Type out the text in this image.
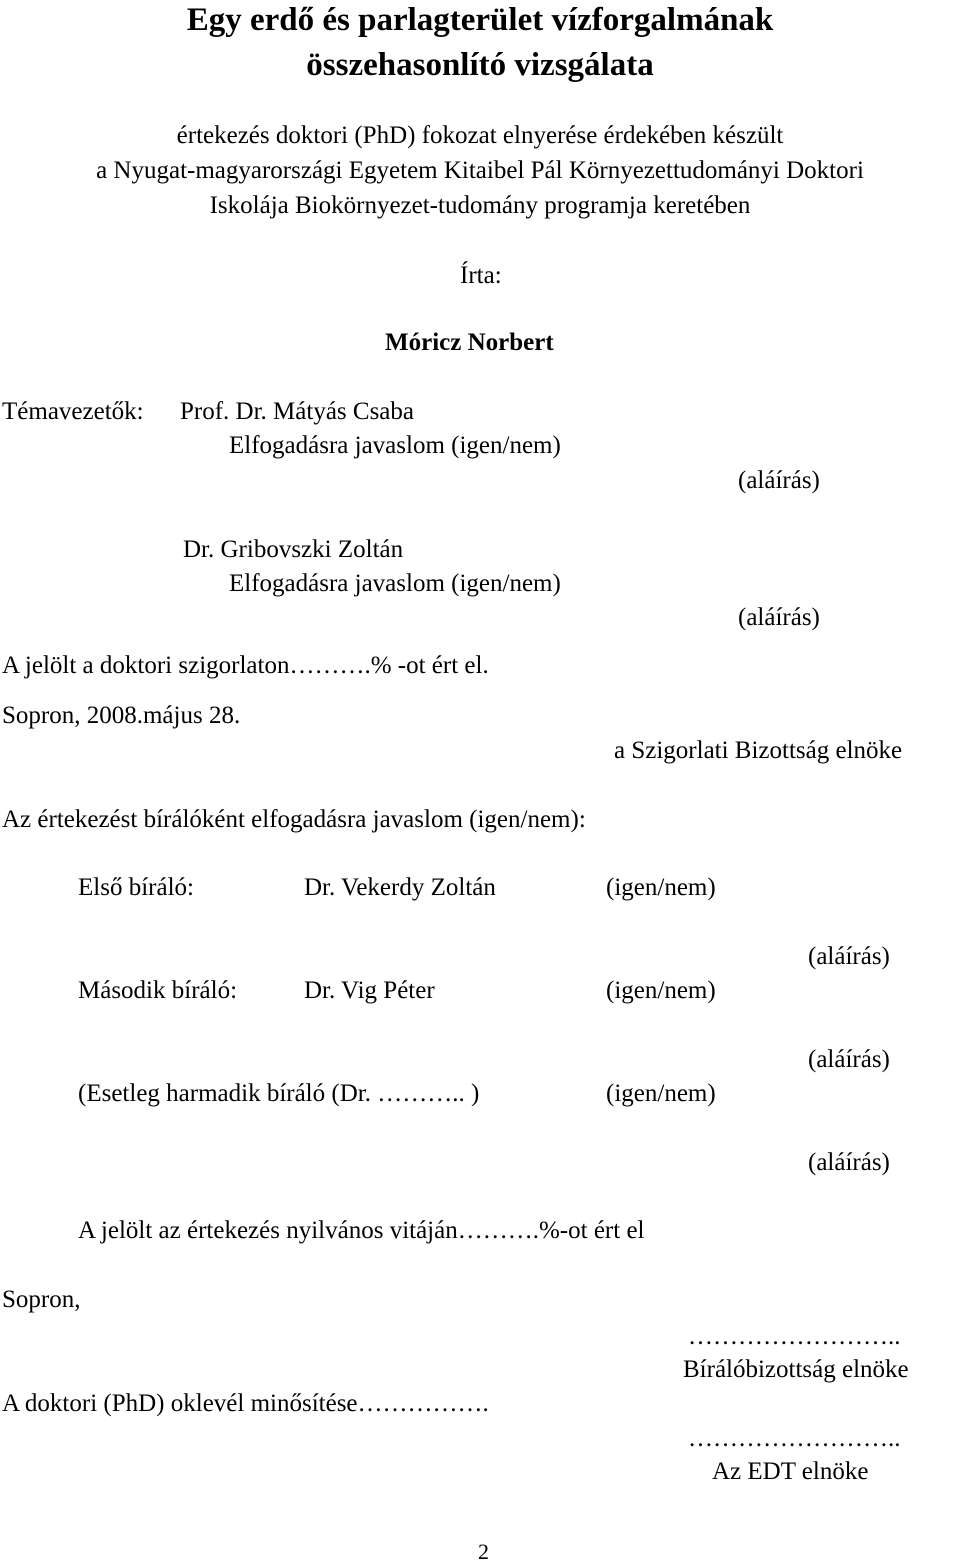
Egy erdő és parlagterület vízforgalmának
összehasonlító vizsgálata
értekezés doktori (PhD) fokozat elnyerése érdekében készült
a Nyugat-magyarországi Egyetem Kitaibel Pál Környezettudományi Doktori
Iskolája Biokörnyezet-tudomány programja keretében
Írta:
Móricz Norbert
Témavezetők: Prof. Dr. Mátyás Csaba
Elfogadásra javaslom (igen/nem)
(aláírás)
Dr. Gribovszki Zoltán
Elfogadásra javaslom (igen/nem)
(aláírás)
A jelölt a doktori szigorlaton……….% -ot ért el.
Sopron, 2008.május 28.
a Szigorlati Bizottság elnöke
Az értekezést bírálóként elfogadásra javaslom (igen/nem):
Első bíráló:	Dr. Vekerdy Zoltán	(igen/nem)
(aláírás)
Második bíráló:	Dr. Vig Péter	(igen/nem)
(aláírás)
(Esetleg harmadik bíráló (Dr. ……….. )	(igen/nem)
(aláírás)
A jelölt az értekezés nyilvános vitáján……….%-ot ért el
Sopron,
……………………..
Bírálóbizottság elnöke
A doktori (PhD) oklevél minősítése…………….
……………………..
Az EDT elnöke
2
